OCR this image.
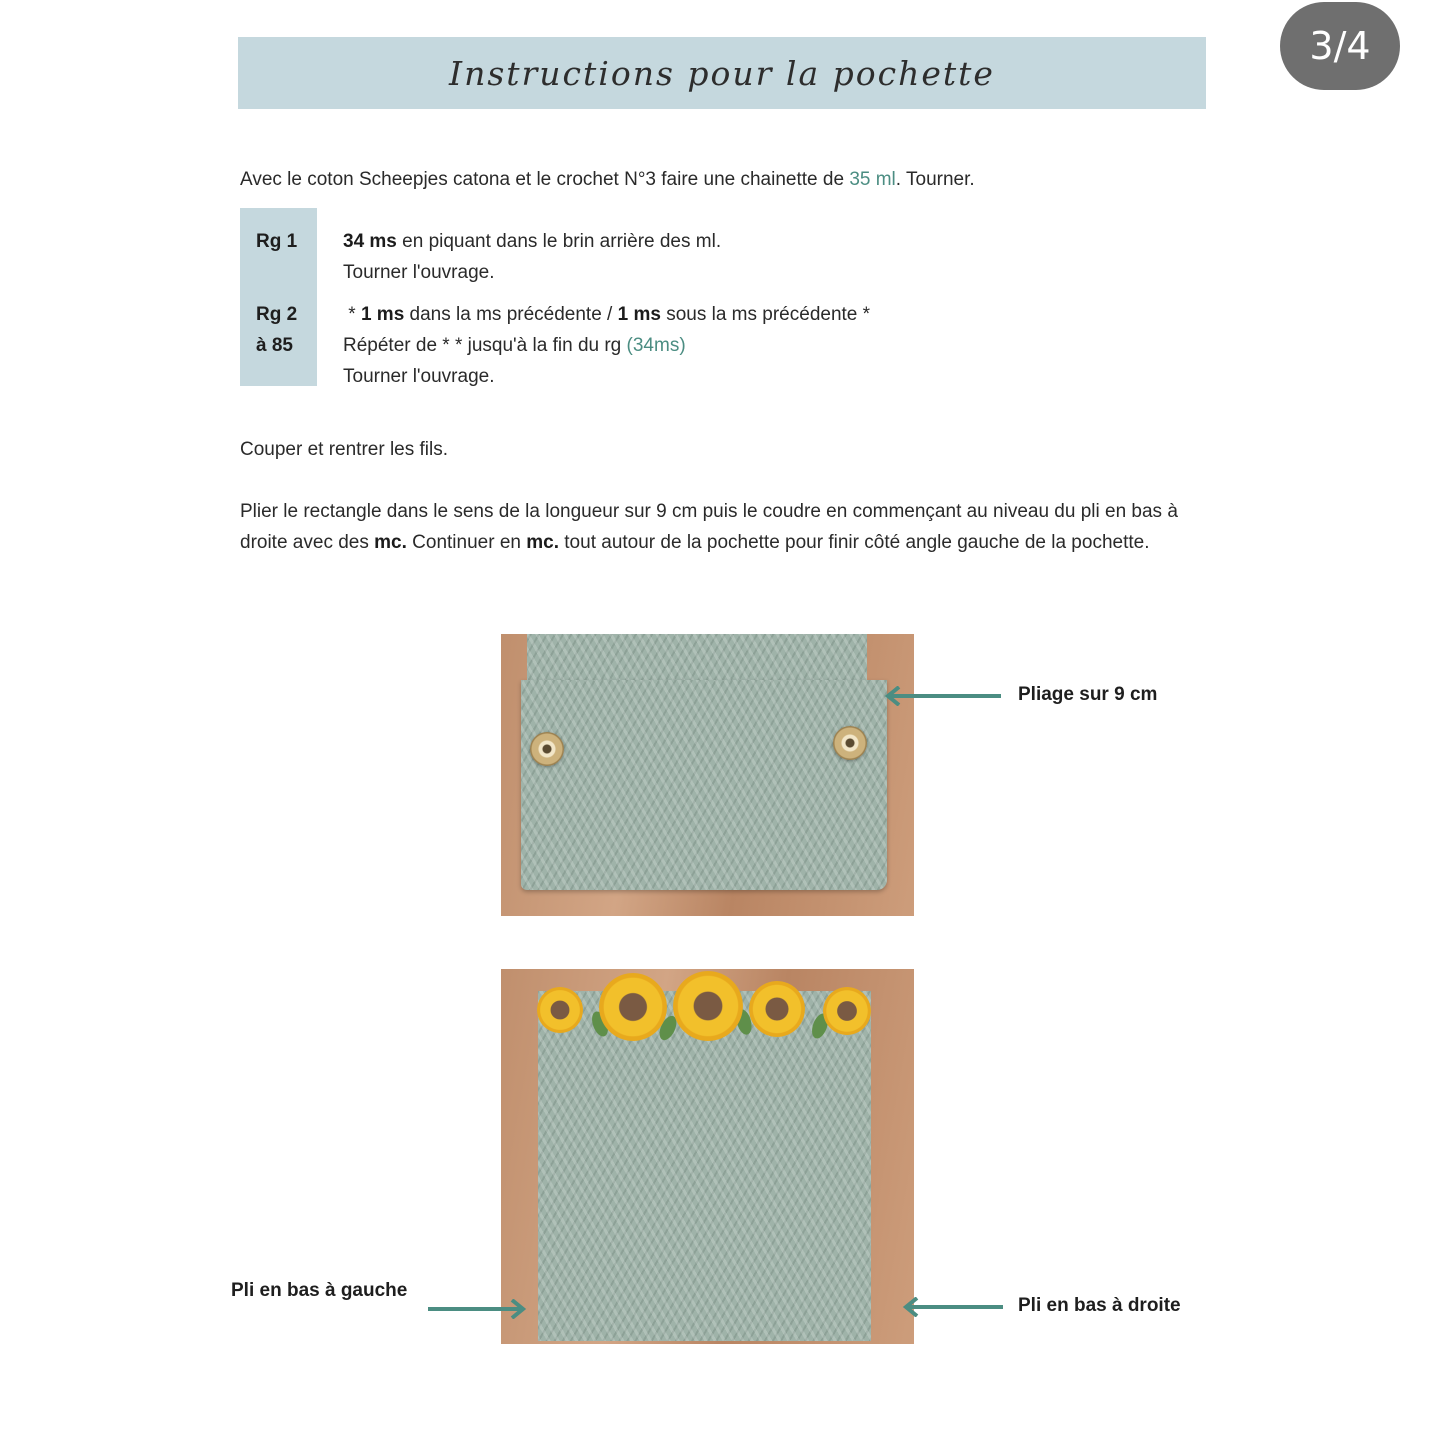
3/4
Instructions pour la pochette
Avec le coton Scheepjes catona et le crochet N°3 faire une chainette de 35 ml. Tourner.
Rg 1 34 ms en piquant dans le brin arrière des ml.
Tourner l'ouvrage.
Rg 2
à 85
* 1 ms dans la ms précédente / 1 ms sous la ms précédente *
Répéter de * * jusqu'à la fin du rg (34ms)
Tourner l'ouvrage.
Couper et rentrer les fils.
Plier le rectangle dans le sens de la longueur sur 9 cm puis le coudre en commençant au niveau du pli en bas à droite avec des mc. Continuer en mc. tout autour de la pochette pour finir côté angle gauche de la pochette.
Pliage sur 9 cm
Pli en bas à gauche
Pli en bas à droite
